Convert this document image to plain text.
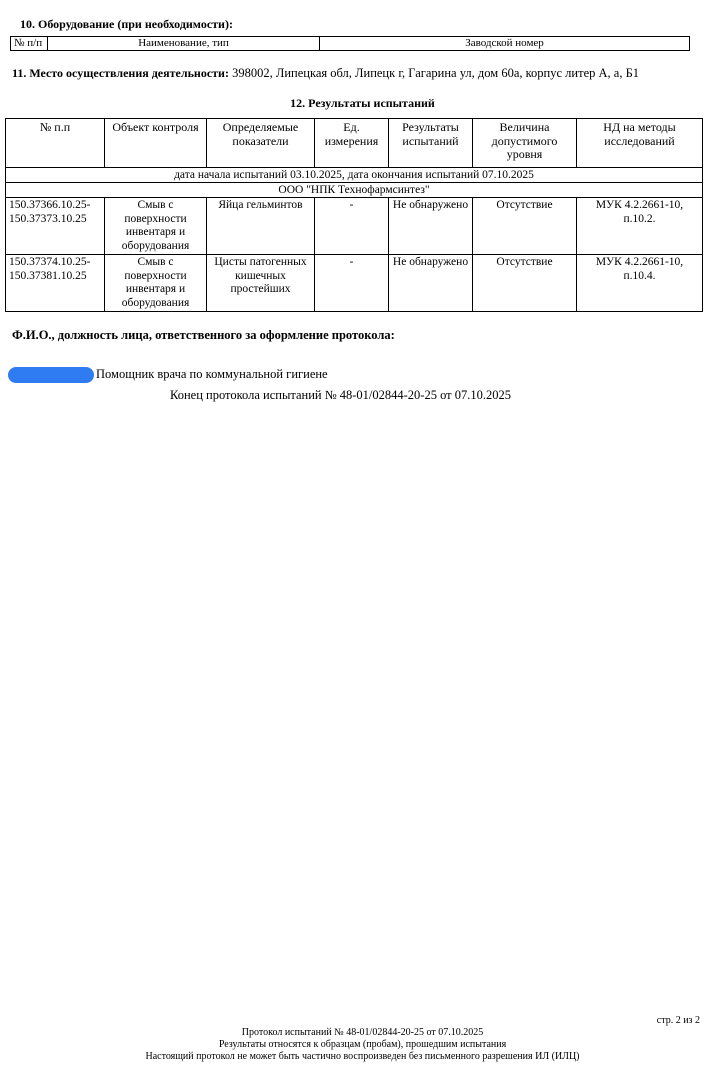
10. Оборудование (при необходимости):
№ п/п	Наименование, тип	Заводской номер
11. Место осуществления деятельности: 398002, Липецкая обл, Липецк г, Гагарина ул, дом 60а, корпус литер А, а, Б1
12. Результаты испытаний
№ п.п	Объект контроля	Определяемые показатели	Ед. измерения	Результаты испытаний	Величина допустимого уровня	НД на методы исследований
дата начала испытаний 03.10.2025, дата окончания испытаний 07.10.2025						
ООО "НПК Технофармсинтез"						
150.37366.10.25-150.37373.10.25	Смыв с поверхности инвентаря и оборудования	Яйца гельминтов	-	Не обнаружено	Отсутствие	МУК 4.2.2661-10, п.10.2.
150.37374.10.25-150.37381.10.25	Смыв с поверхности инвентаря и оборудования	Цисты патогенных кишечных простейших	-	Не обнаружено	Отсутствие	МУК 4.2.2661-10, п.10.4.
Ф.И.О., должность лица, ответственного за оформление протокола:
Помощник врача по коммунальной гигиене
Конец протокола испытаний № 48-01/02844-20-25 от 07.10.2025
стр. 2 из 2
Протокол испытаний № 48-01/02844-20-25 от 07.10.2025
Результаты относятся к образцам (пробам), прошедшим испытания
Настоящий протокол не может быть частично воспроизведен без письменного разрешения ИЛ (ИЛЦ)
